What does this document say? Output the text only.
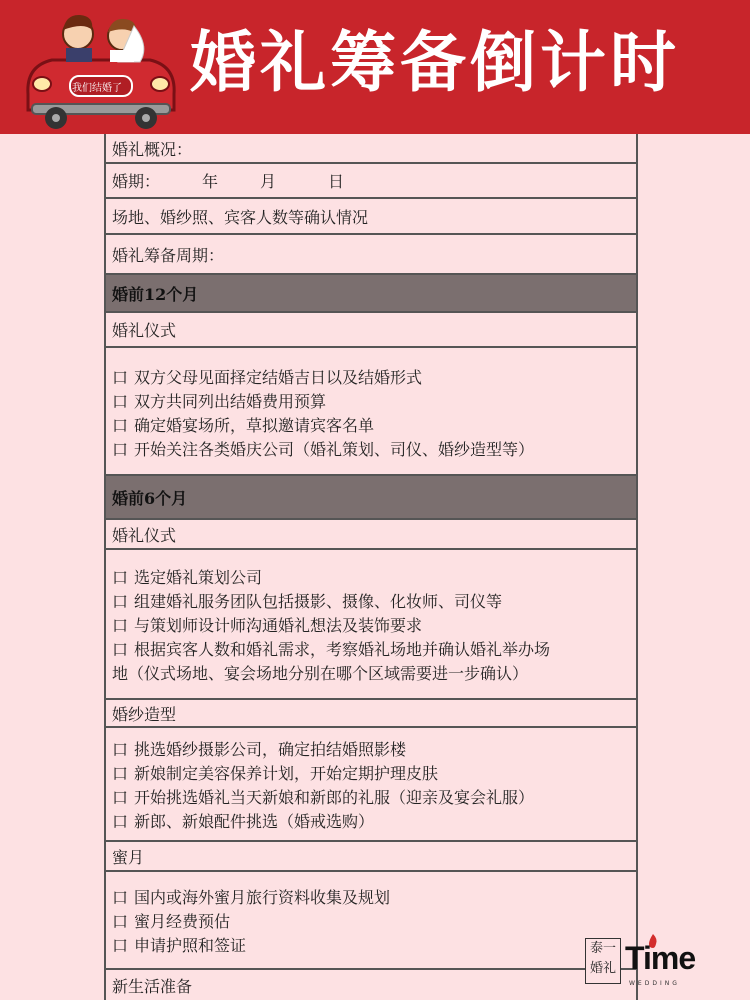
我们结婚了 婚礼筹备倒计时
婚礼概况：
婚期：	年	月	日
场地、婚纱照、宾客人数等确认情况
婚礼筹备周期：
婚前12个月
婚礼仪式
口 双方父母见面择定结婚吉日以及结婚形式
口 双方共同列出结婚费用预算
口 确定婚宴场所，草拟邀请宾客名单
口 开始关注各类婚庆公司（婚礼策划、司仪、婚纱造型等）
婚前6个月
婚礼仪式
口 选定婚礼策划公司
口 组建婚礼服务团队包括摄影、摄像、化妆师、司仪等
口 与策划师设计师沟通婚礼想法及装饰要求
口 根据宾客人数和婚礼需求，考察婚礼场地并确认婚礼举办场
地（仪式场地、宴会场地分别在哪个区域需要进一步确认）
婚纱造型
口 挑选婚纱摄影公司，确定拍结婚照影楼
口 新娘制定美容保养计划，开始定期护理皮肤
口 开始挑选婚礼当天新娘和新郎的礼服（迎亲及宴会礼服）
口 新郎、新娘配件挑选（婚戒选购）
蜜月
口 国内或海外蜜月旅行资料收集及规划
口 蜜月经费预估
口 申请护照和签证
新生活准备
泰一
婚礼 Time
WEDDING
